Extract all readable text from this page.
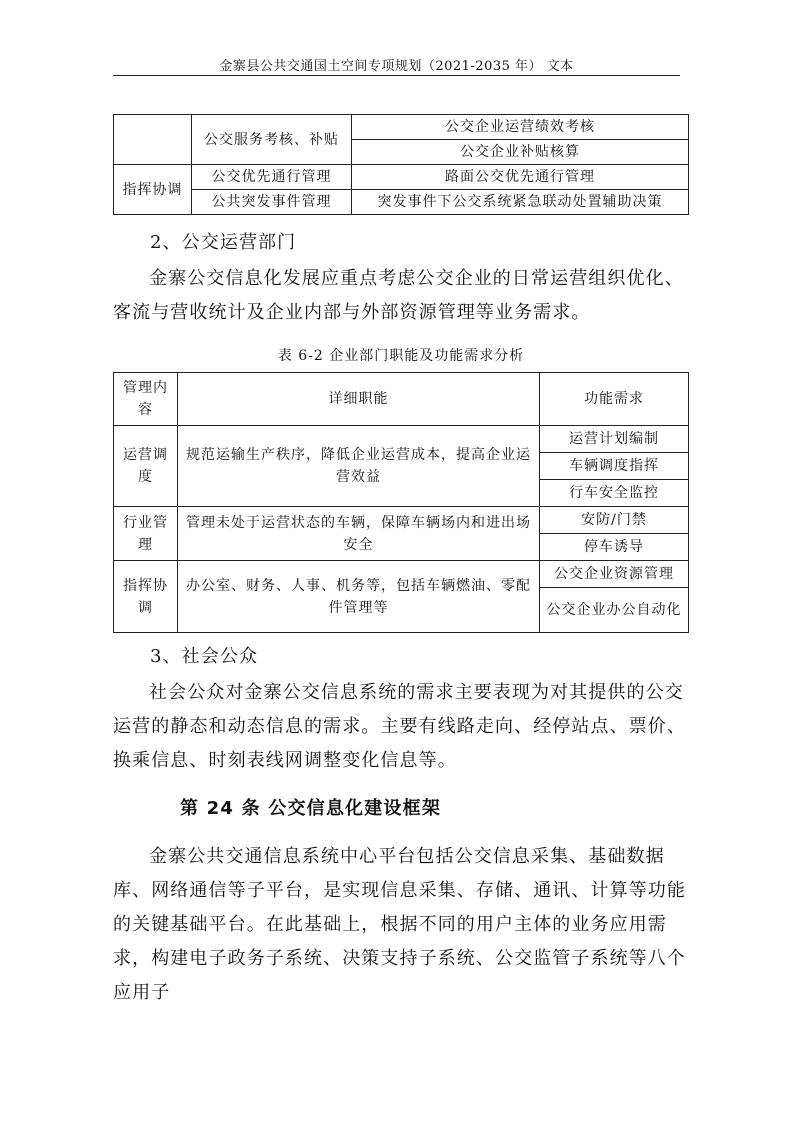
金寨县公共交通国土空间专项规划（2021-2035 年） 文本
	公交服务考核、补贴	公交企业运营绩效考核
		公交企业补贴核算
指挥协调	公交优先通行管理	路面公交优先通行管理
	公共突发事件管理	突发事件下公交系统紧急联动处置辅助决策
2、公交运营部门
金寨公交信息化发展应重点考虑公交企业的日常运营组织优化、客流与营收统计及企业内部与外部资源管理等业务需求。
表 6-2 企业部门职能及功能需求分析
管理内容	详细职能	功能需求
运营调度	规范运输生产秩序，降低企业运营成本，提高企业运营效益	运营计划编制
		车辆调度指挥
		行车安全监控
行业管理	管理未处于运营状态的车辆，保障车辆场内和进出场安全	安防/门禁
		停车诱导
指挥协调	办公室、财务、人事、机务等，包括车辆燃油、零配件管理等	公交企业资源管理
		公交企业办公自动化
3、社会公众
社会公众对金寨公交信息系统的需求主要表现为对其提供的公交运营的静态和动态信息的需求。主要有线路走向、经停站点、票价、换乘信息、时刻表线网调整变化信息等。
第 24 条 公交信息化建设框架
金寨公共交通信息系统中心平台包括公交信息采集、基础数据库、网络通信等子平台，是实现信息采集、存储、通讯、计算等功能的关键基础平台。在此基础上，根据不同的用户主体的业务应用需求，构建电子政务子系统、决策支持子系统、公交监管子系统等八个应用子
